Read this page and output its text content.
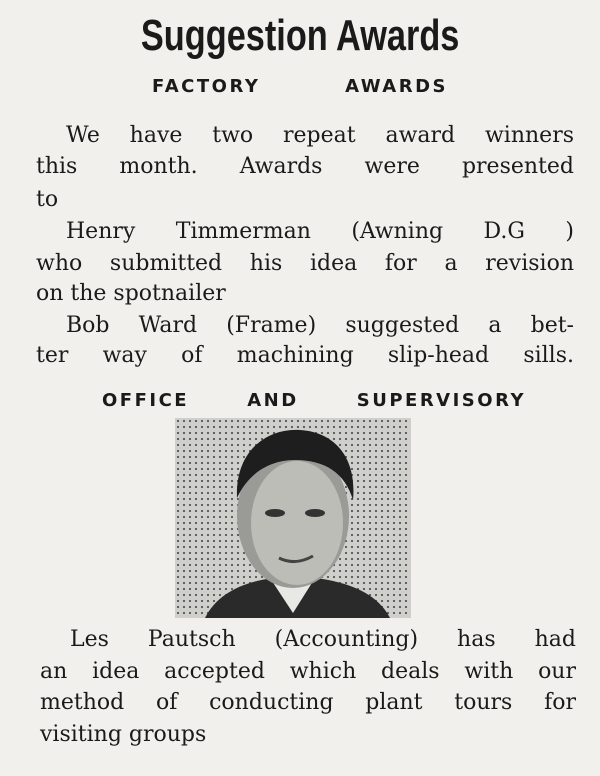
Suggestion Awards
FACTORY AWARDS
We have two repeat award winners
this month. Awards were presented
to
Henry Timmerman (Awning D.G )
who submitted his idea for a revision
on the spotnailer
Bob Ward (Frame) suggested a bet-
ter way of machining slip-head sills.
OFFICE AND SUPERVISORY
Les Pautsch (Accounting) has had
an idea accepted which deals with our
method of conducting plant tours for
visiting groups
